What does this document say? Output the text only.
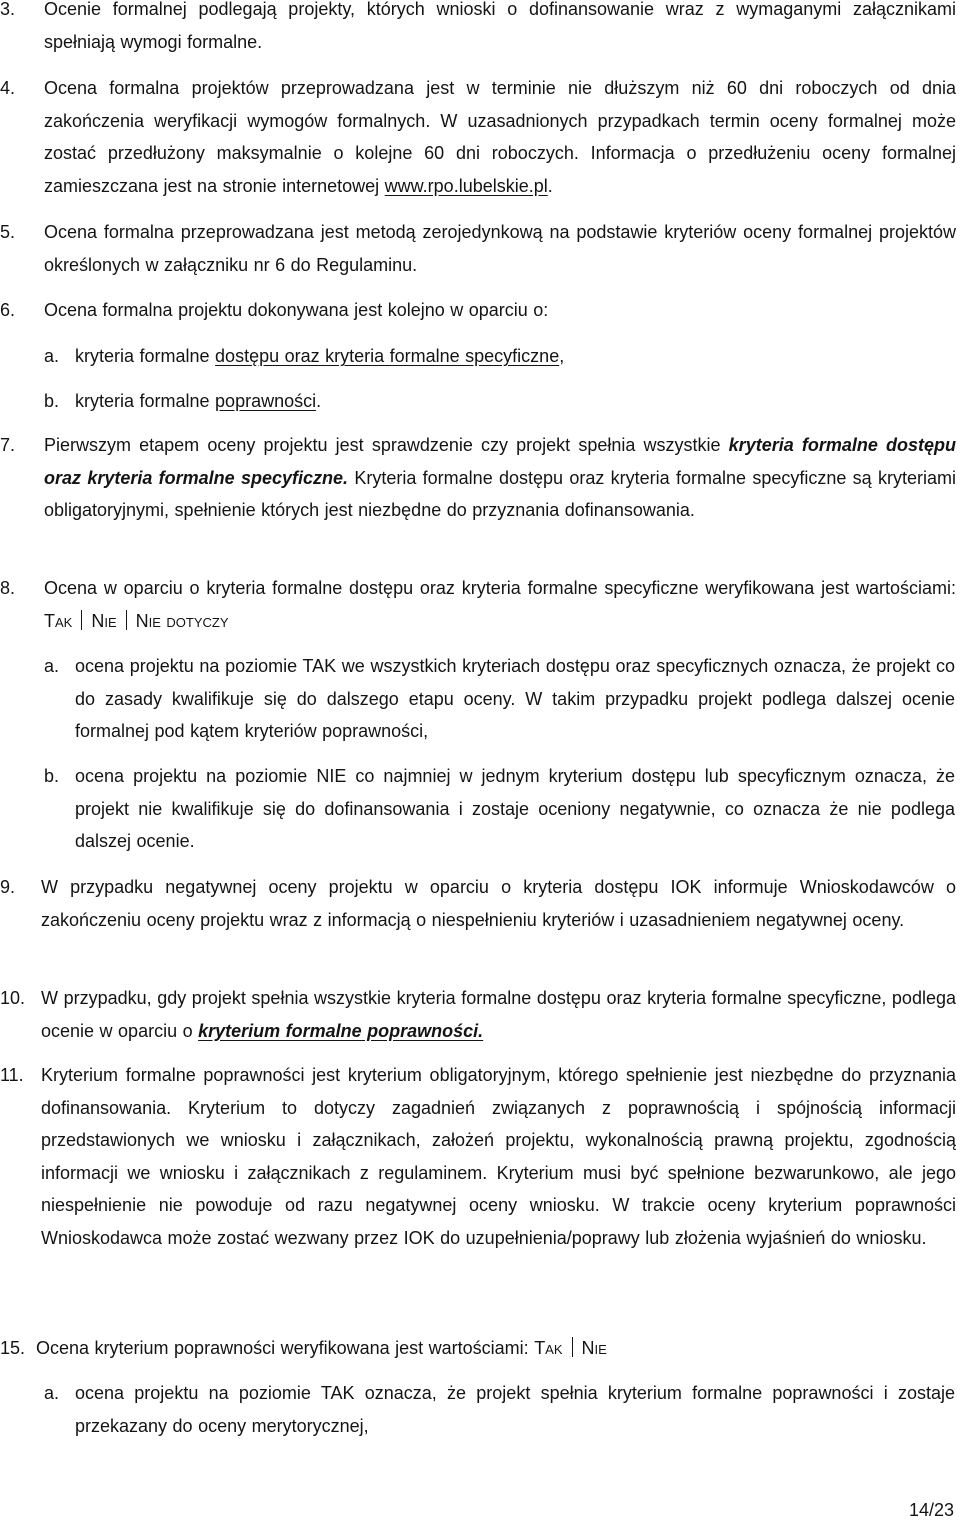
3. Ocenie formalnej podlegają projekty, których wnioski o dofinansowanie wraz z wymaganymi załącznikami spełniają wymogi formalne.
4. Ocena formalna projektów przeprowadzana jest w terminie nie dłuższym niż 60 dni roboczych od dnia zakończenia weryfikacji wymogów formalnych. W uzasadnionych przypadkach termin oceny formalnej może zostać przedłużony maksymalnie o kolejne 60 dni roboczych. Informacja o przedłużeniu oceny formalnej zamieszczana jest na stronie internetowej www.rpo.lubelskie.pl.
5. Ocena formalna przeprowadzana jest metodą zerojedynkową na podstawie kryteriów oceny formalnej projektów określonych w załączniku nr 6 do Regulaminu.
6. Ocena formalna projektu dokonywana jest kolejno w oparciu o:
a. kryteria formalne dostępu oraz kryteria formalne specyficzne,
b. kryteria formalne poprawności.
7. Pierwszym etapem oceny projektu jest sprawdzenie czy projekt spełnia wszystkie kryteria formalne dostępu oraz kryteria formalne specyficzne. Kryteria formalne dostępu oraz kryteria formalne specyficzne są kryteriami obligatoryjnymi, spełnienie których jest niezbędne do przyznania dofinansowania.
8. Ocena w oparciu o kryteria formalne dostępu oraz kryteria formalne specyficzne weryfikowana jest wartościami: Tak Nie Nie dotyczy
a. ocena projektu na poziomie TAK we wszystkich kryteriach dostępu oraz specyficznych oznacza, że projekt co do zasady kwalifikuje się do dalszego etapu oceny. W takim przypadku projekt podlega dalszej ocenie formalnej pod kątem kryteriów poprawności,
b. ocena projektu na poziomie NIE co najmniej w jednym kryterium dostępu lub specyficznym oznacza, że projekt nie kwalifikuje się do dofinansowania i zostaje oceniony negatywnie, co oznacza że nie podlega dalszej ocenie.
9. W przypadku negatywnej oceny projektu w oparciu o kryteria dostępu IOK informuje Wnioskodawców o zakończeniu oceny projektu wraz z informacją o niespełnieniu kryteriów i uzasadnieniem negatywnej oceny.
10. W przypadku, gdy projekt spełnia wszystkie kryteria formalne dostępu oraz kryteria formalne specyficzne, podlega ocenie w oparciu o kryterium formalne poprawności.
11. Kryterium formalne poprawności jest kryterium obligatoryjnym, którego spełnienie jest niezbędne do przyznania dofinansowania. Kryterium to dotyczy zagadnień związanych z poprawnością i spójnością informacji przedstawionych we wniosku i załącznikach, założeń projektu, wykonalnością prawną projektu, zgodnością informacji we wniosku i załącznikach z regulaminem. Kryterium musi być spełnione bezwarunkowo, ale jego niespełnienie nie powoduje od razu negatywnej oceny wniosku. W trakcie oceny kryterium poprawności Wnioskodawca może zostać wezwany przez IOK do uzupełnienia/poprawy lub złożenia wyjaśnień do wniosku.
15. Ocena kryterium poprawności weryfikowana jest wartościami: Tak Nie
a. ocena projektu na poziomie TAK oznacza, że projekt spełnia kryterium formalne poprawności i zostaje przekazany do oceny merytorycznej,
14/23
